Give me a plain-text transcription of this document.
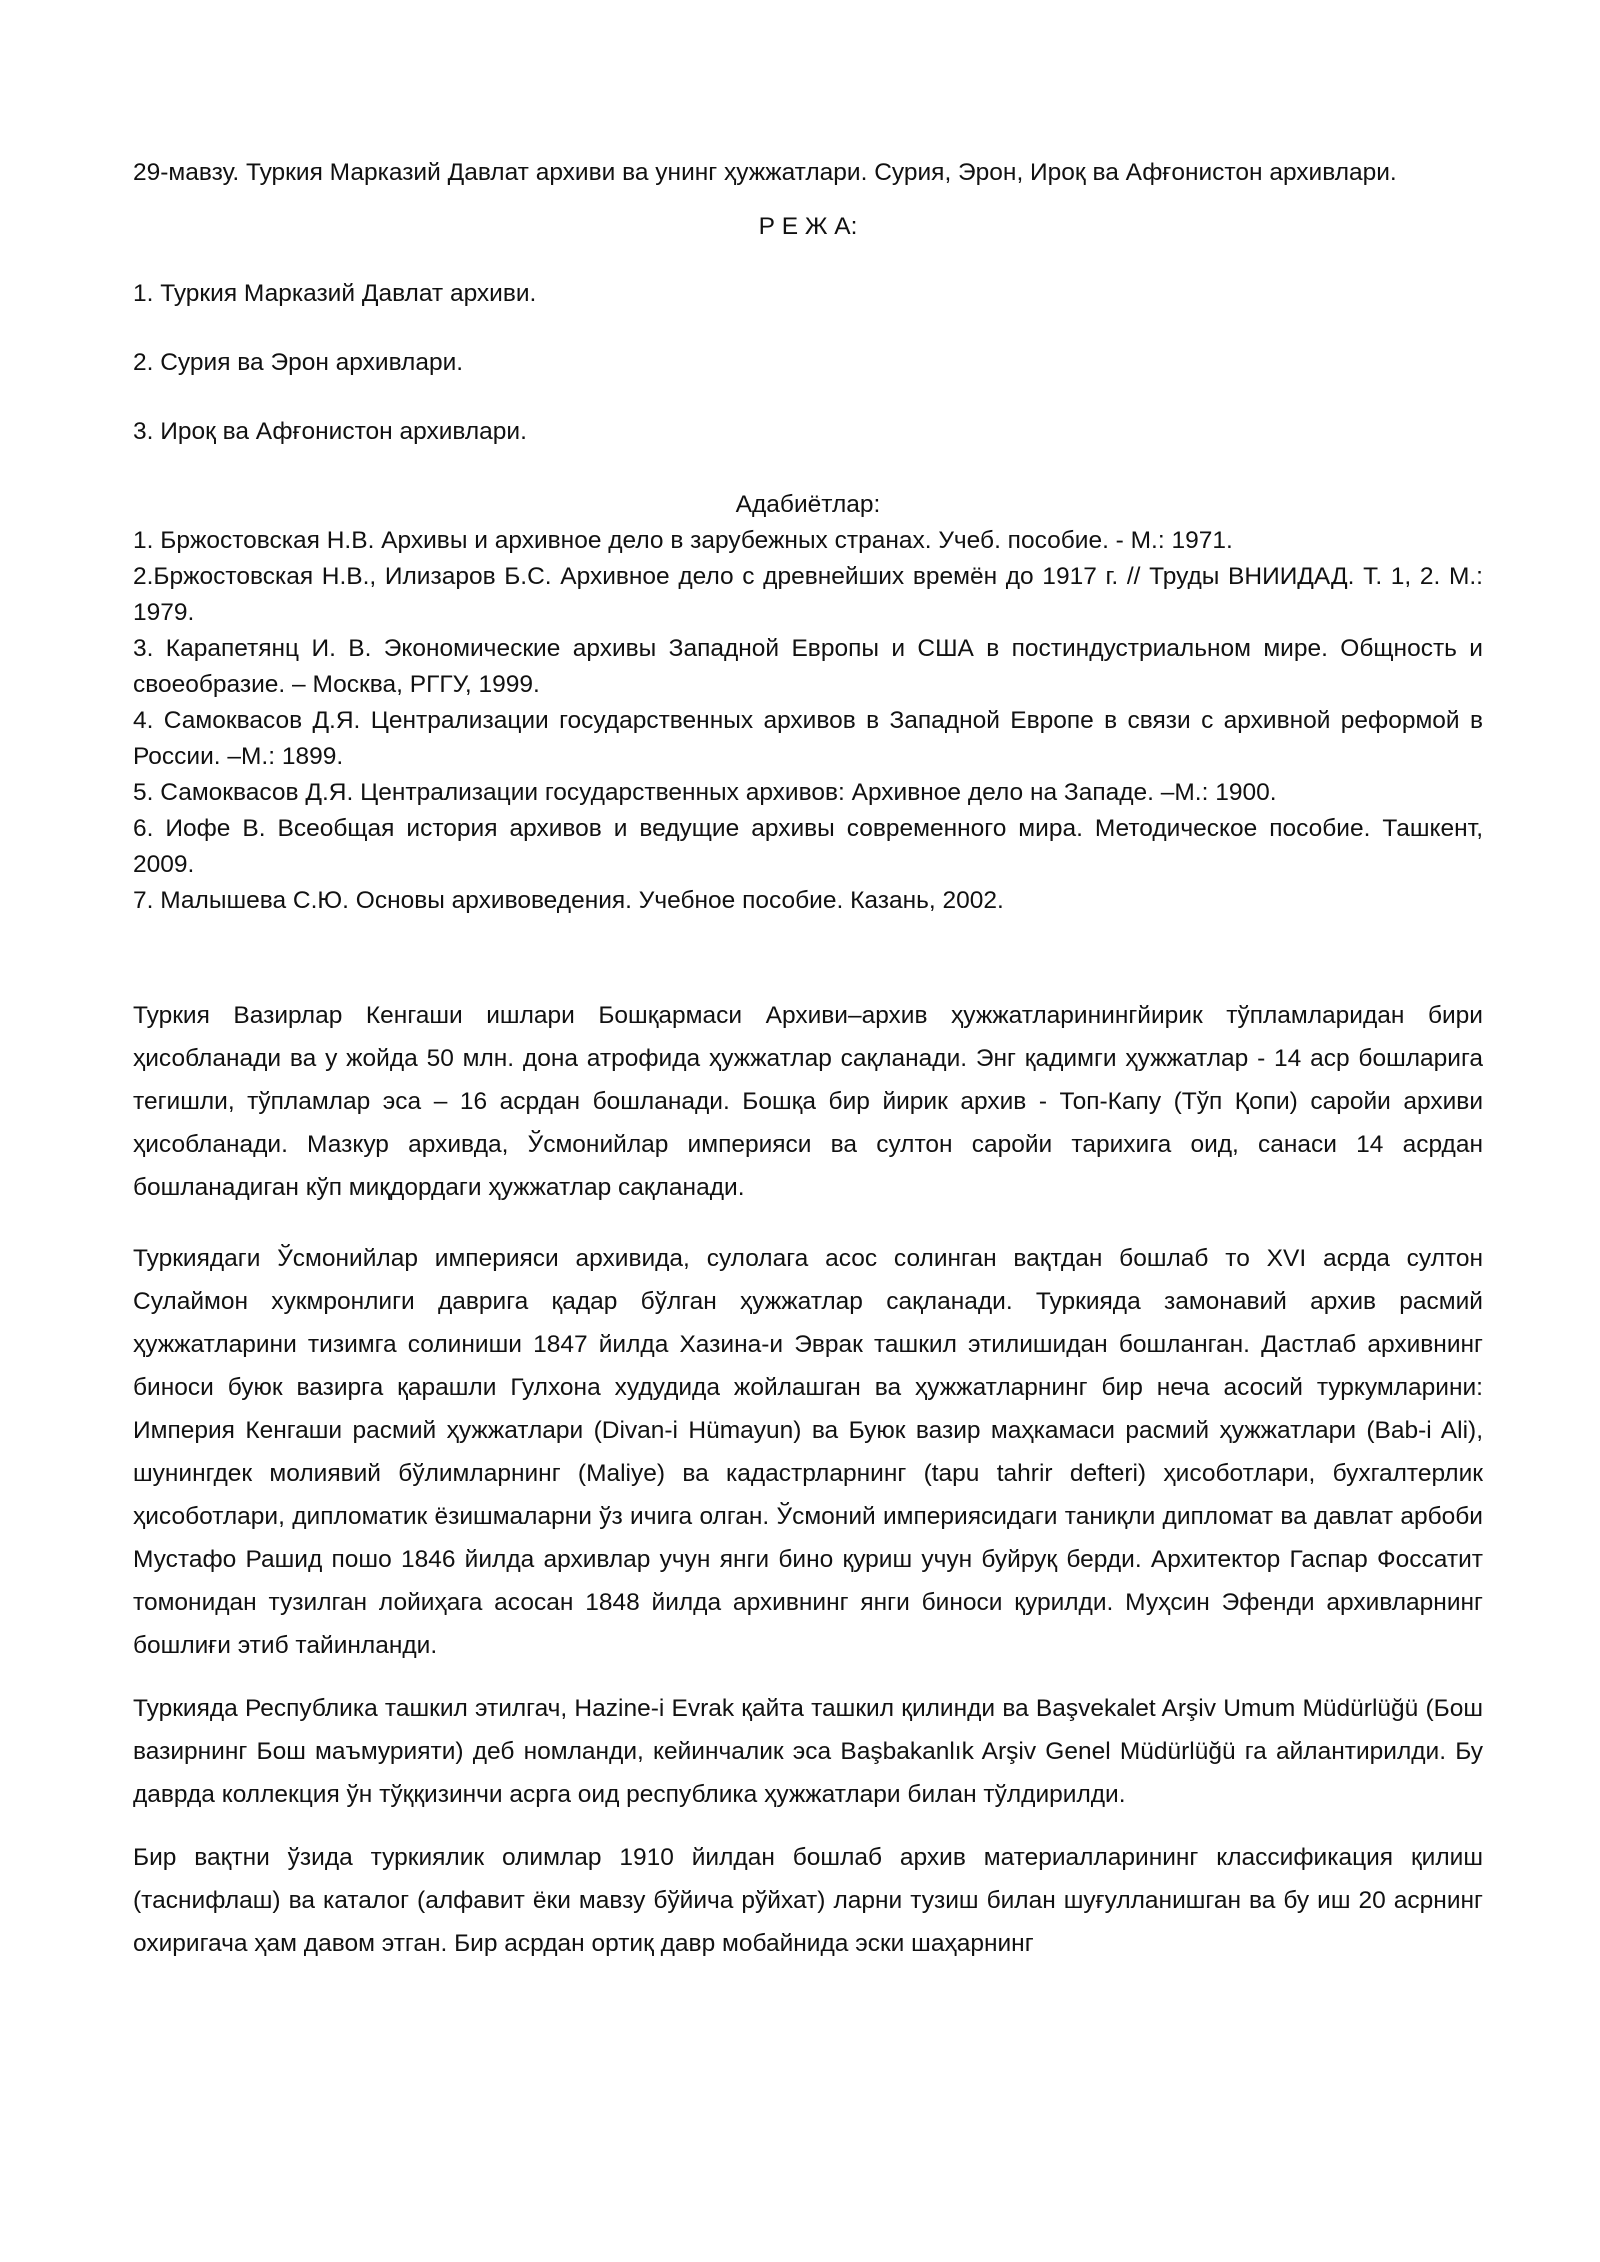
29-мавзу. Туркия Марказий Давлат архиви ва унинг ҳужжатлари. Сурия, Эрон, Ироқ ва Афғонистон архивлари.

Р Е Ж А:

1. Туркия Марказий Давлат архиви.

2. Сурия ва Эрон архивлари.

3. Ироқ ва Афғонистон архивлари.

Адабиётлар:

1. Бржостовская Н.В. Архивы и архивное дело в зарубежных странах. Учеб. пособие. - М.: 1971.

2.Бржостовская Н.В., Илизаров Б.С. Архивное дело с древнейших времён до 1917 г. // Труды ВНИИДАД. Т. 1, 2. М.: 1979.

3. Карапетянц И. В. Экономические архивы Западной Европы и США в постиндустриальном мире. Общность и своеобразие. – Москва, РГГУ, 1999.

4. Самоквасов Д.Я. Централизации государственных архивов в Западной Европе в связи с архивной реформой в России. –М.: 1899.

5. Самоквасов Д.Я. Централизации государственных архивов: Архивное дело на Западе. –М.: 1900.

6. Иофе В. Всеобщая история архивов и ведущие архивы современного мира. Методическое пособие. Ташкент, 2009.

7. Малышева С.Ю. Основы архивоведения. Учебное пособие. Казань, 2002.

Туркия Вазирлар Кенгаши ишлари Бошқармаси Архиви–архив ҳужжатларинингйирик тўпламларидан бири ҳисобланади ва у жойда 50 млн. дона атрофида ҳужжатлар сақланади. Энг қадимги ҳужжатлар - 14 аср бошларига тегишли, тўпламлар эса – 16 асрдан бошланади. Бошқа бир йирик архив - Топ-Капу (Тўп Қопи) саройи архиви ҳисобланади. Мазкур архивда, Ўсмонийлар империяси ва султон саройи тарихига оид, санаси 14 асрдан бошланадиган кўп миқдордаги ҳужжатлар сақланади.

Туркиядаги Ўсмонийлар империяси архивида, сулолага асос солинган вақтдан бошлаб то XVI асрда султон Сулаймон хукмронлиги даврига қадар бўлган ҳужжатлар сақланади. Туркияда замонавий архив расмий ҳужжатларини тизимга солиниши 1847 йилда Хазина-и Эврак ташкил этилишидан бошланган. Дастлаб архивнинг биноси буюк вазирга қарашли Гулхона худудида жойлашган ва ҳужжатларнинг бир неча асосий туркумларини: Империя Кенгаши расмий ҳужжатлари (Divan-i Hümayun) ва Буюк вазир маҳкамаси расмий ҳужжатлари (Bab-i Ali), шунингдек молиявий бўлимларнинг (Maliye) ва кадастрларнинг (tapu tahrir defteri) ҳисоботлари, бухгалтерлик ҳисоботлари, дипломатик ёзишмаларни ўз ичига олган. Ўсмоний империясидаги таниқли дипломат ва давлат арбоби Мустафо Рашид пошо 1846 йилда архивлар учун янги бино қуриш учун буйруқ берди. Архитектор Гаспар Фоссатит томонидан тузилган лойиҳага асосан 1848 йилда архивнинг янги биноси қурилди. Муҳсин Эфенди архивларнинг бошлиғи этиб тайинланди.

Туркияда Республика ташкил этилгач, Hazine-i Evrak қайта ташкил қилинди ва Başvekalet Arşiv Umum Müdürlüğü (Бош вазирнинг Бош маъмурияти) деб номланди, кейинчалик эса Başbakanlık Arşiv Genel Müdürlüğü га айлантирилди. Бу даврда коллекция ўн тўққизинчи асрга оид республика ҳужжатлари билан тўлдирилди.

Бир вақтни ўзида туркиялик олимлар 1910 йилдан бошлаб архив материалларининг классификация қилиш (таснифлаш) ва каталог (алфавит ёки мавзу бўйича рўйхат) ларни тузиш билан шуғулланишган ва бу иш 20 асрнинг охиригача ҳам давом этган. Бир асрдан ортиқ давр мобайнида эски шаҳарнинг
